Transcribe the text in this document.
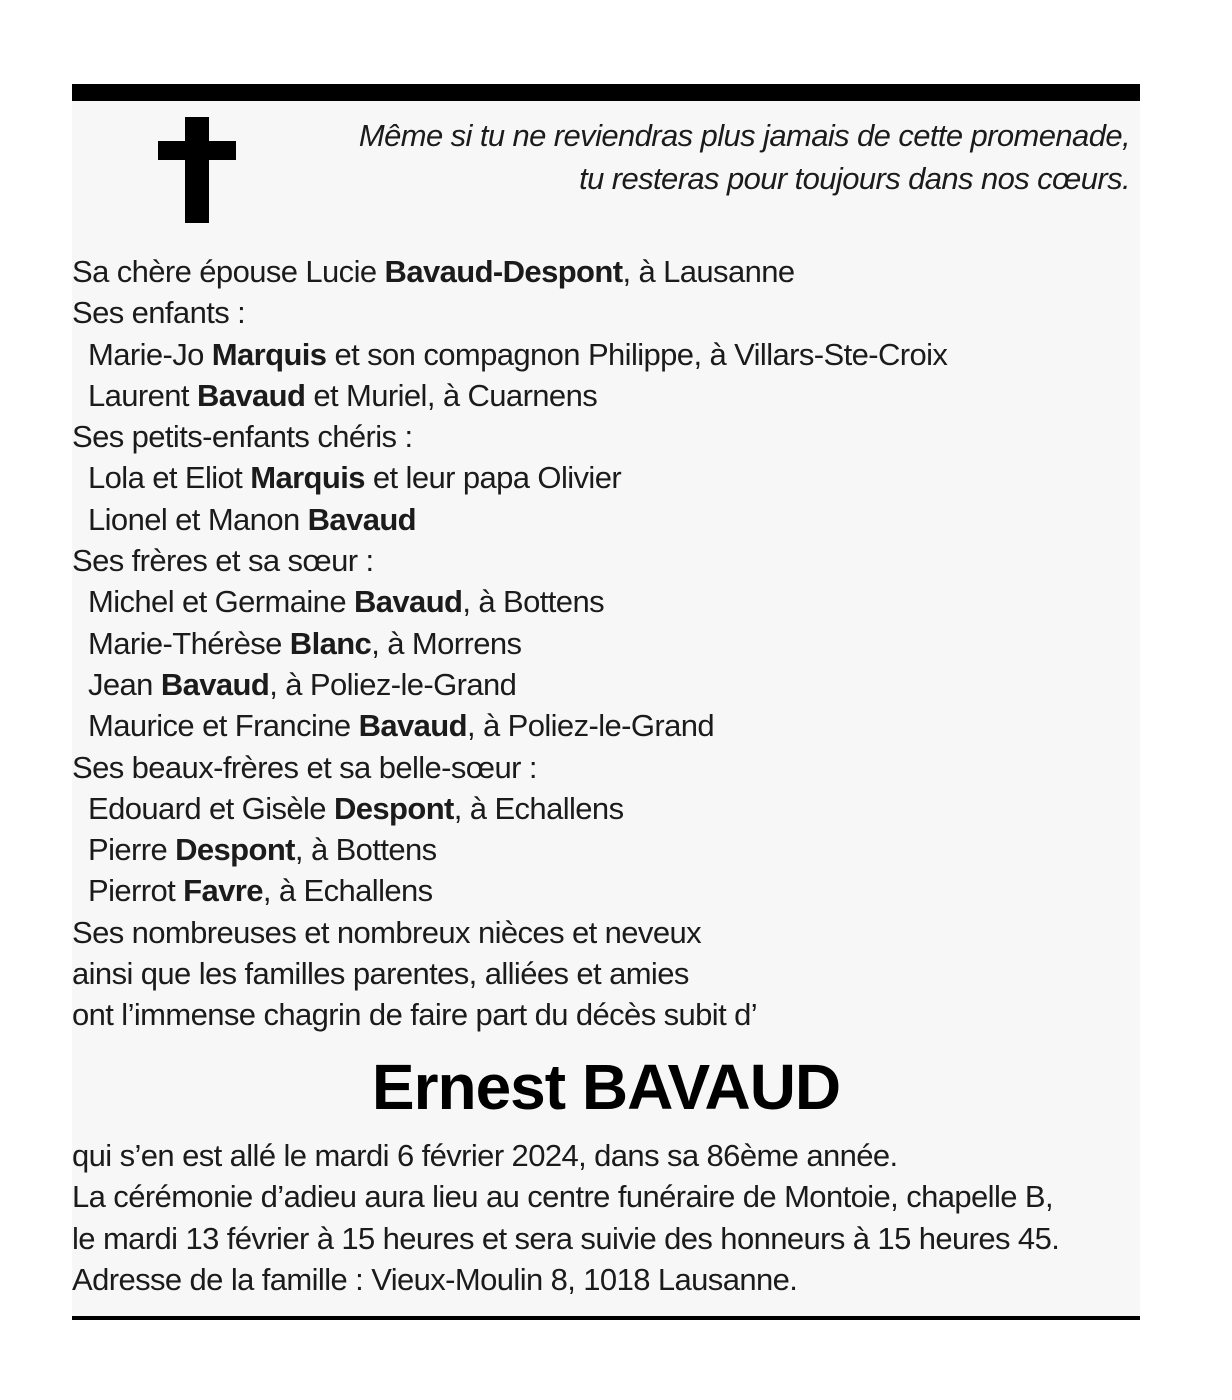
Même si tu ne reviendras plus jamais de cette promenade,
tu resteras pour toujours dans nos cœurs.
Sa chère épouse Lucie Bavaud-Despont, à Lausanne
Ses enfants :
Marie-Jo Marquis et son compagnon Philippe, à Villars-Ste-Croix
Laurent Bavaud et Muriel, à Cuarnens
Ses petits-enfants chéris :
Lola et Eliot Marquis et leur papa Olivier
Lionel et Manon Bavaud
Ses frères et sa sœur :
Michel et Germaine Bavaud, à Bottens
Marie-Thérèse Blanc, à Morrens
Jean Bavaud, à Poliez-le-Grand
Maurice et Francine Bavaud, à Poliez-le-Grand
Ses beaux-frères et sa belle-sœur :
Edouard et Gisèle Despont, à Echallens
Pierre Despont, à Bottens
Pierrot Favre, à Echallens
Ses nombreuses et nombreux nièces et neveux
ainsi que les familles parentes, alliées et amies
ont l’immense chagrin de faire part du décès subit d’
Ernest BAVAUD
qui s’en est allé le mardi 6 février 2024, dans sa 86ème année.
La cérémonie d’adieu aura lieu au centre funéraire de Montoie, chapelle B,
le mardi 13 février à 15 heures et sera suivie des honneurs à 15 heures 45.
Adresse de la famille : Vieux-Moulin 8, 1018 Lausanne.
